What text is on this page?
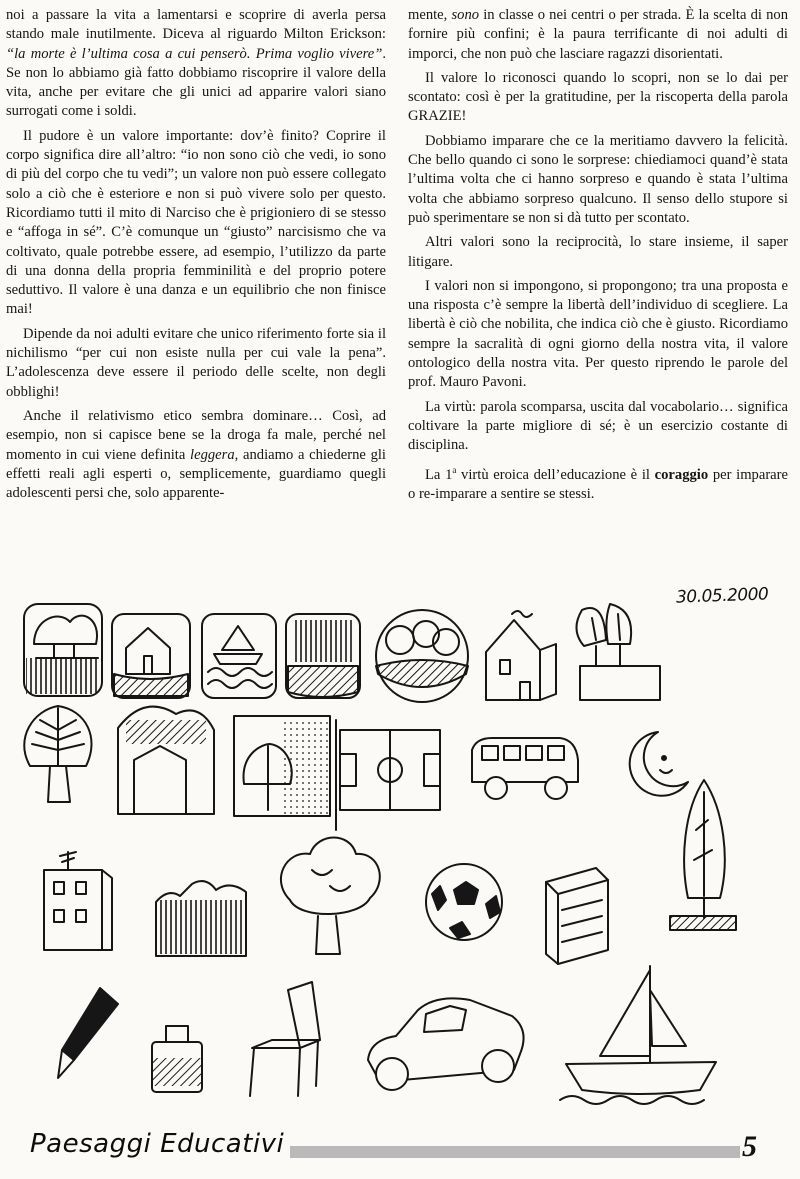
noi a passare la vita a lamentarsi e scoprire di averla persa stando male inutilmente. Diceva al riguardo Milton Erickson: “la morte è l’ultima cosa a cui penserò. Prima voglio vivere”. Se non lo abbiamo già fatto dobbiamo riscoprire il valore della vita, anche per evitare che gli unici ad apparire valori siano surrogati come i soldi.

Il pudore è un valore importante: dov’è finito? Coprire il corpo significa dire all’altro: “io non sono ciò che vedi, io sono di più del corpo che tu vedi”; un valore non può essere collegato solo a ciò che è esteriore e non si può vivere solo per questo. Ricordiamo tutti il mito di Narciso che è prigioniero di se stesso e “affoga in sé”. C’è comunque un “giusto” narcisismo che va coltivato, quale potrebbe essere, ad esempio, l’utilizzo da parte di una donna della propria femminilità e del proprio potere seduttivo. Il valore è una danza e un equilibrio che non finisce mai!

Dipende da noi adulti evitare che unico riferimento forte sia il nichilismo “per cui non esiste nulla per cui vale la pena”. L’adolescenza deve essere il periodo delle scelte, non degli obblighi!

Anche il relativismo etico sembra dominare… Così, ad esempio, non si capisce bene se la droga fa male, perché nel momento in cui viene definita leggera, andiamo a chiederne gli effetti reali agli esperti o, semplicemente, guardiamo quegli adolescenti persi che, solo apparente-

mente, sono in classe o nei centri o per strada. È la scelta di non fornire più confini; è la paura terrificante di noi adulti di imporci, che non può che lasciare ragazzi disorientati.

Il valore lo riconosci quando lo scopri, non se lo dai per scontato: così è per la gratitudine, per la riscoperta della parola GRAZIE!

Dobbiamo imparare che ce la meritiamo davvero la felicità. Che bello quando ci sono le sorprese: chiediamoci quand’è stata l’ultima volta che ci hanno sorpreso e quando è stata l’ultima volta che abbiamo sorpreso qualcuno. Il senso dello stupore si può sperimentare se non si dà tutto per scontato.

Altri valori sono la reciprocità, lo stare insieme, il saper litigare.

I valori non si impongono, si propongono; tra una proposta e una risposta c’è sempre la libertà dell’individuo di scegliere. La libertà è ciò che nobilita, che indica ciò che è giusto. Ricordiamo sempre la sacralità di ogni giorno della nostra vita, il valore ontologico della nostra vita. Per questo riprendo le parole del prof. Mauro Pavoni.

La virtù: parola scomparsa, uscita dal vocabolario… significa coltivare la parte migliore di sé; è un esercizio costante di disciplina.

La 1$^a$ virtù eroica dell’educazione è il coraggio per imparare o re-imparare a sentire se stessi.

30.05.2000
Paesaggi Educativi	5
